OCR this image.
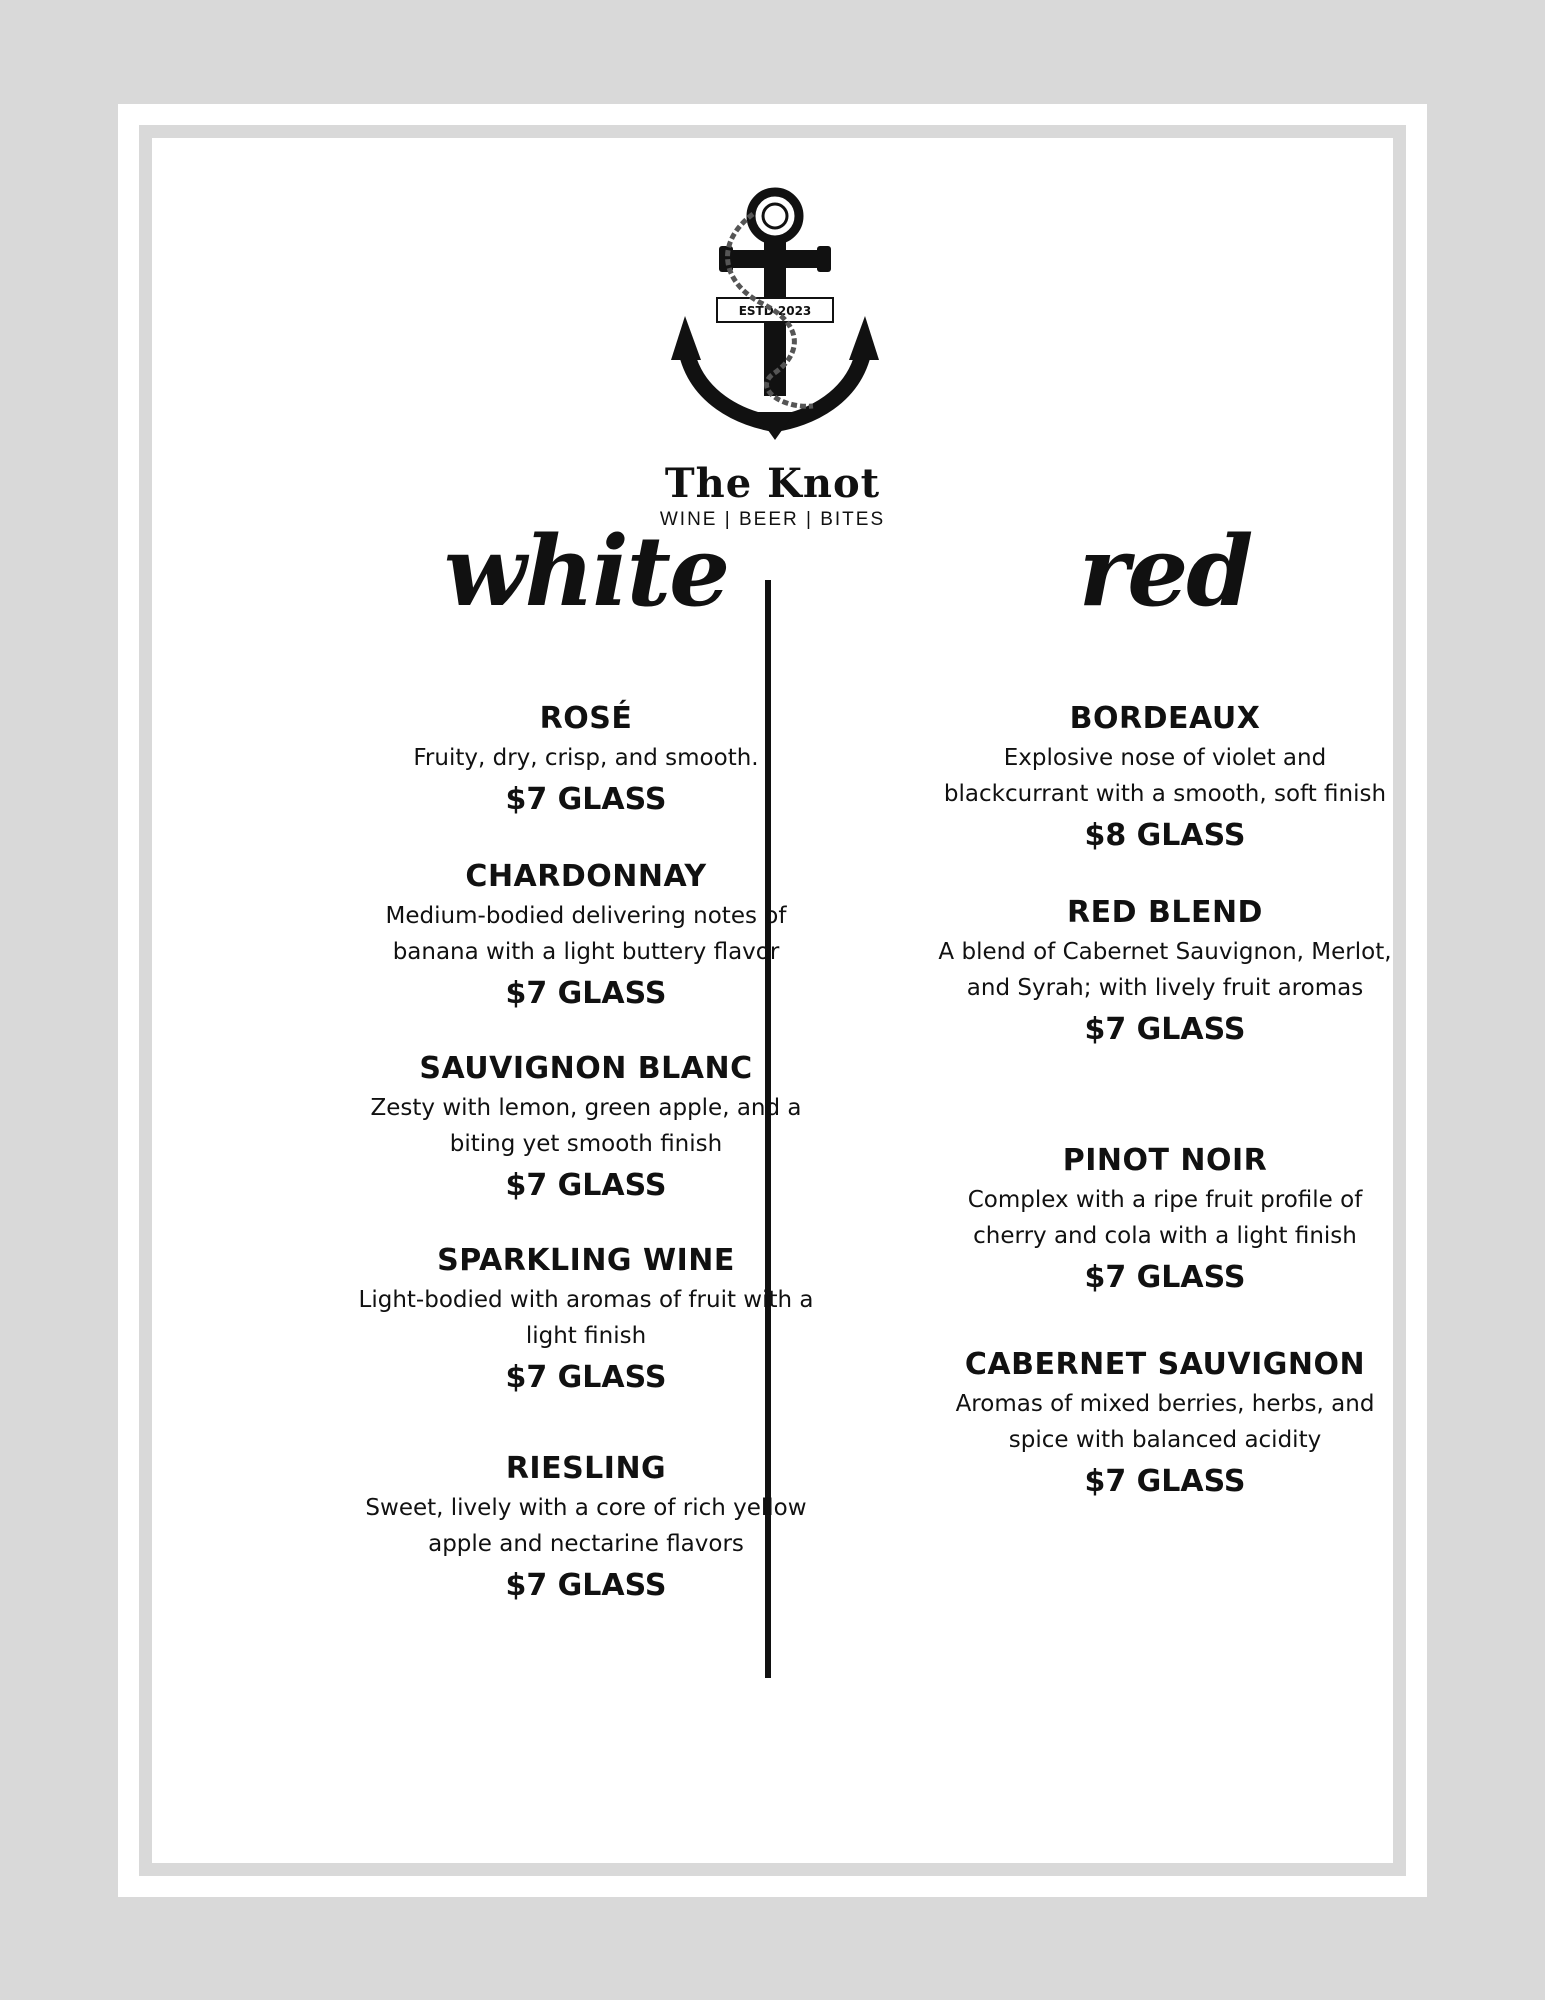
ESTD 2023
The Knot

WINE | BEER | BITES

white

ROSÉ

Fruity, dry, crisp, and smooth.

$7 GLASS

CHARDONNAY

Medium-bodied delivering notes of banana with a light buttery flavor

$7 GLASS

SAUVIGNON BLANC

Zesty with lemon, green apple, and a biting yet smooth finish

$7 GLASS

SPARKLING WINE

Light-bodied with aromas of fruit with a light finish

$7 GLASS

RIESLING

Sweet, lively with a core of rich yellow apple and nectarine flavors

$7 GLASS

red

BORDEAUX

Explosive nose of violet and blackcurrant with a smooth, soft finish

$8 GLASS

RED BLEND

A blend of Cabernet Sauvignon, Merlot, and Syrah; with lively fruit aromas

$7 GLASS

PINOT NOIR

Complex with a ripe fruit profile of cherry and cola with a light finish

$7 GLASS

CABERNET SAUVIGNON

Aromas of mixed berries, herbs, and spice with balanced acidity

$7 GLASS
